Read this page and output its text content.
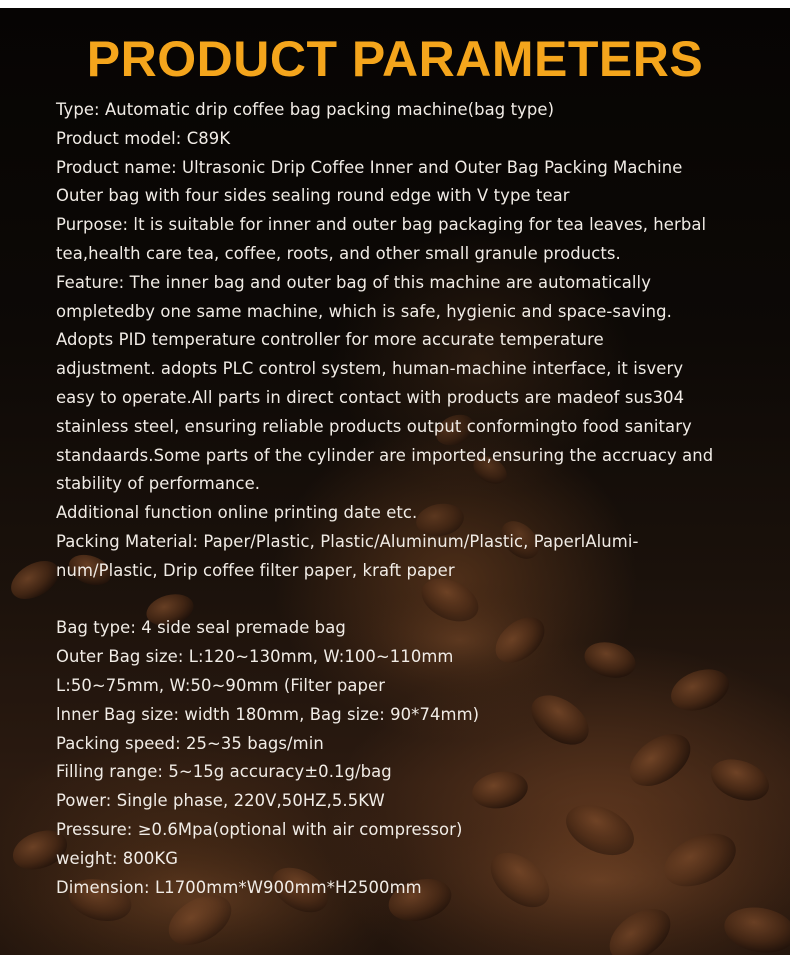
PRODUCT PARAMETERS
Type: Automatic drip coffee bag packing machine(bag type)
Product model: C89K
Product name: Ultrasonic Drip Coffee Inner and Outer Bag Packing Machine
Outer bag with four sides sealing round edge with V type tear
Purpose: lt is suitable for inner and outer bag packaging for tea leaves, herbal
tea,health care tea, coffee, roots, and other small granule products.
Feature: The inner bag and outer bag of this machine are automatically
ompletedby one same machine, which is safe, hygienic and space-saving.
Adopts PID temperature controller for more accurate temperature
adjustment. adopts PLC control system, human-machine interface, it isvery
easy to operate.All parts in direct contact with products are madeof sus304
stainless steel, ensuring reliable products output conformingto food sanitary
standaards.Some parts of the cylinder are imported,ensuring the accruacy and
stability of performance.
Additional function online printing date etc.
Packing Material: Paper/Plastic, Plastic/Aluminum/Plastic, PaperlAlumi-
num/Plastic, Drip coffee filter paper, kraft paper
Bag type: 4 side seal premade bag
Outer Bag size: L:120~130mm, W:100~110mm
L:50~75mm, W:50~90mm (Filter paper
lnner Bag size: width 180mm, Bag size: 90*74mm)
Packing speed: 25~35 bags/min
Filling range: 5~15g accuracy±0.1g/bag
Power: Single phase, 220V,50HZ,5.5KW
Pressure: ≥0.6Mpa(optional with air compressor)
weight: 800KG
Dimension: L1700mm*W900mm*H2500mm
